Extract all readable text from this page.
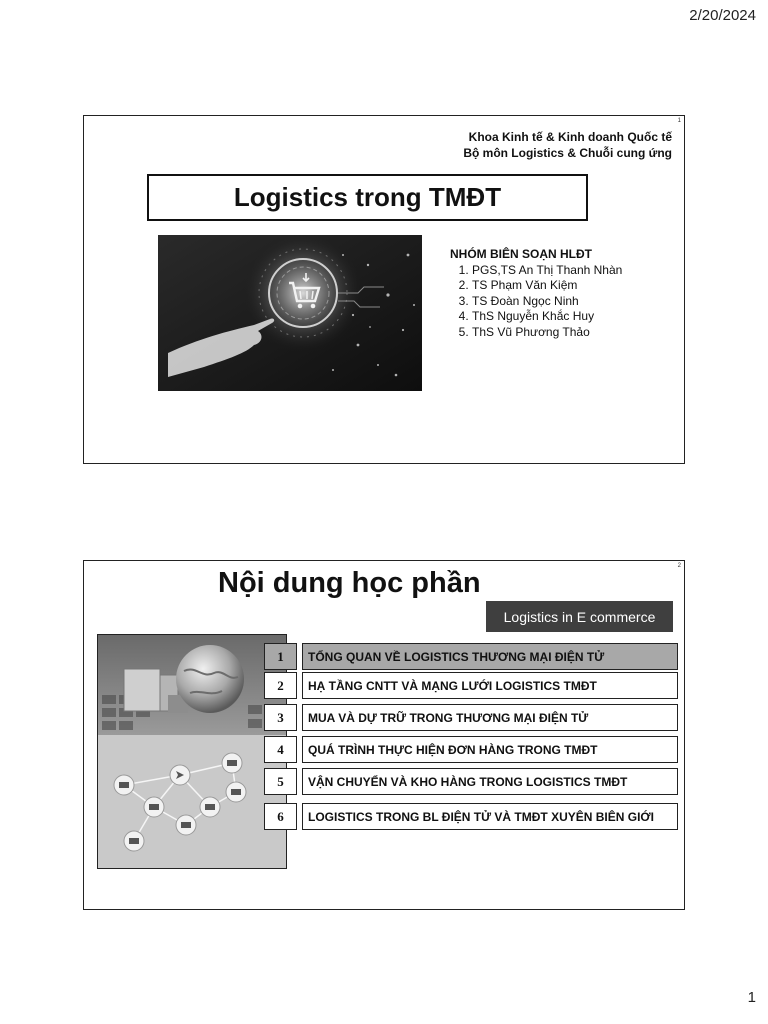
2/20/2024
1
Khoa Kinh tế & Kinh doanh Quốc tế
Bộ môn Logistics & Chuỗi cung ứng
Logistics trong TMĐT
NHÓM BIÊN SOẠN HLĐT
1. PGS,TS An Thị Thanh Nhàn
2. TS Phạm Văn Kiệm
3. TS Đoàn Ngọc Ninh
4. ThS Nguyễn Khắc Huy
5. ThS Vũ Phương Thảo
2
Nội dung học phần
Logistics in E commerce
1	TỔNG QUAN VỀ LOGISTICS THƯƠNG MẠI ĐIỆN TỬ
2	HẠ TẦNG CNTT VÀ MẠNG LƯỚI LOGISTICS TMĐT
3	MUA VÀ DỰ TRỮ TRONG THƯƠNG MẠI ĐIỆN TỬ
4	QUÁ TRÌNH THỰC HIỆN ĐƠN HÀNG TRONG TMĐT
5	VẬN CHUYỂN VÀ KHO HÀNG TRONG LOGISTICS TMĐT
6	LOGISTICS TRONG BL ĐIỆN TỬ VÀ TMĐT XUYÊN BIÊN GIỚI
1
